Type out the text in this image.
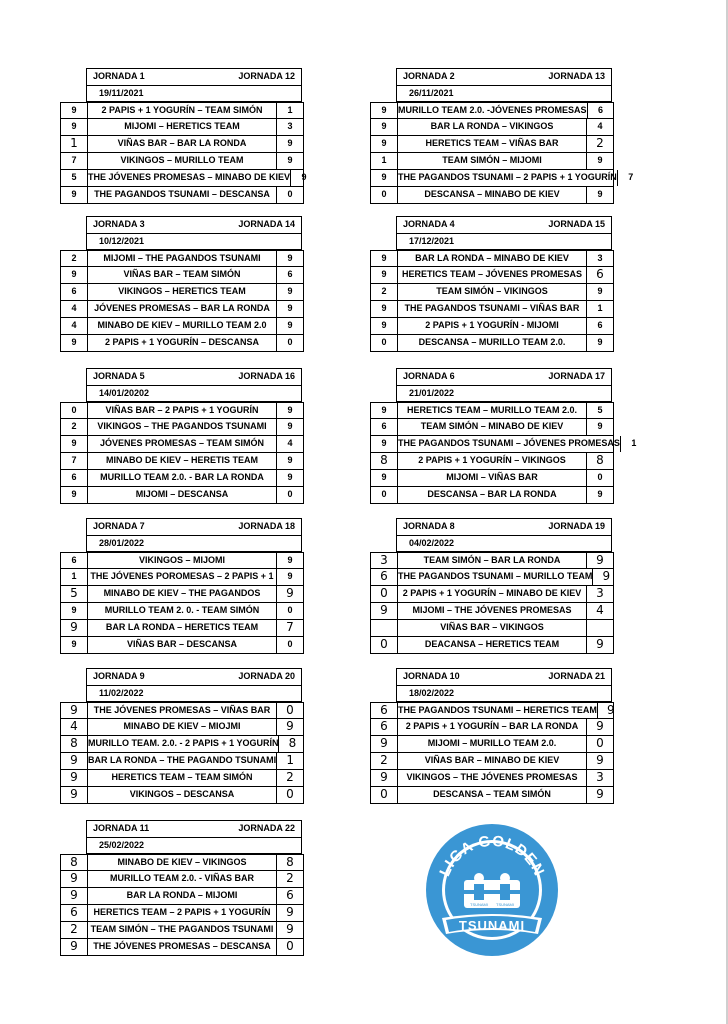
JORNADA 1	JORNADA 12
19/11/2021
9	2 PAPIS + 1 YOGURÍN – TEAM SIMÓN	1
9	MIJOMI – HERETICS TEAM	3
1	VIÑAS BAR – BAR LA RONDA	9
7	VIKINGOS – MURILLO TEAM	9
5	THE JÓVENES PROMESAS – MINABO DE KIEV	9
9	THE PAGANDOS TSUNAMI – DESCANSA	0
JORNADA 2	JORNADA 13
26/11/2021
9	MURILLO TEAM 2.0. -JÓVENES PROMESAS	6
9	BAR LA RONDA – VIKINGOS	4
9	HERETICS TEAM – VIÑAS BAR	2
1	TEAM SIMÓN – MIJOMI	9
9	THE PAGANDOS TSUNAMI – 2 PAPIS + 1 YOGURÍN	7
0	DESCANSA – MINABO DE KIEV	9
JORNADA 3	JORNADA 14
10/12/2021
2	MIJOMI – THE PAGANDOS TSUNAMI	9
9	VIÑAS BAR – TEAM SIMÓN	6
6	VIKINGOS – HERETICS TEAM	9
4	JÓVENES PROMESAS – BAR LA RONDA	9
4	MINABO DE KIEV – MURILLO TEAM 2.0	9
9	2 PAPIS + 1 YOGURÍN – DESCANSA	0
JORNADA 4	JORNADA 15
17/12/2021
9	BAR LA RONDA – MINABO DE KIEV	3
9	HERETICS TEAM – JÓVENES PROMESAS	6
2	TEAM SIMÓN – VIKINGOS	9
9	THE PAGANDOS TSUNAMI – VIÑAS BAR	1
9	2 PAPIS + 1 YOGURÍN - MIJOMI	6
0	DESCANSA – MURILLO TEAM 2.0.	9
JORNADA 5	JORNADA 16
14/01/20202
0	VIÑAS BAR – 2 PAPIS + 1 YOGURÍN	9
2	VIKINGOS – THE PAGANDOS TSUNAMI	9
9	JÓVENES PROMESAS – TEAM SIMÓN	4
7	MINABO DE KIEV – HERETIS TEAM	9
6	MURILLO TEAM 2.0. - BAR LA RONDA	9
9	MIJOMI – DESCANSA	0
JORNADA 6	JORNADA 17
21/01/2022
9	HERETICS TEAM – MURILLO TEAM 2.0.	5
6	TEAM SIMÓN – MINABO DE KIEV	9
9	THE PAGANDOS TSUNAMI – JÓVENES PROMESAS	1
8	2 PAPIS + 1 YOGURÍN – VIKINGOS	8
9	MIJOMI – VIÑAS BAR	0
0	DESCANSA – BAR LA RONDA	9
JORNADA 7	JORNADA 18
28/01/2022
6	VIKINGOS – MIJOMI	9
1	THE JÓVENES POROMESAS – 2 PAPIS + 1	9
5	MINABO DE KIEV – THE PAGANDOS	9
9	MURILLO TEAM 2. 0. - TEAM SIMÓN	0
9	BAR LA RONDA – HERETICS TEAM	7
9	VIÑAS BAR – DESCANSA	0
JORNADA 8	JORNADA 19
04/02/2022
3	TEAM SIMÓN – BAR LA RONDA	9
6	THE PAGANDOS TSUNAMI – MURILLO TEAM 9
0	2 PAPIS + 1 YOGURÍN – MINABO DE KIEV	3
9	MIJOMI – THE JÓVENES PROMESAS	4
VIÑAS BAR – VIKINGOS
0	DEACANSA – HERETICS TEAM	9
JORNADA 9	JORNADA 20
11/02/2022
9	THE JÓVENES PROMESAS – VIÑAS BAR	0
4	MINABO DE KIEV – MIOJMI	9
8	MURILLO TEAM. 2.0. - 2 PAPIS + 1 YOGURÍN 8
9	BAR LA RONDA – THE PAGANDO TSUNAMI 1
9	HERETICS TEAM – TEAM SIMÓN	2
9	VIKINGOS – DESCANSA	0
JORNADA 10	JORNADA 21
18/02/2022
6	THE PAGANDOS TSUNAMI – HERETICS TEAM 9
6	2 PAPIS + 1 YOGURÍN – BAR LA RONDA	9
9	MIJOMI – MURILLO TEAM 2.0.	0
2	VIÑAS BAR – MINABO DE KIEV	9
9	VIKINGOS – THE JÓVENES PROMESAS	3
0	DESCANSA – TEAM SIMÓN	9
JORNADA 11	JORNADA 22
25/02/2022
8	MINABO DE KIEV – VIKINGOS	8
9	MURILLO TEAM 2.0. - VIÑAS BAR	2
9	BAR LA RONDA – MIJOMI	6
6	HERETICS TEAM – 2 PAPIS + 1 YOGURÍN	9
2	TEAM SIMÓN – THE PAGANDOS TSUNAMI	9
9	THE JÓVENES PROMESAS – DESCANSA	0
LIGA GOLDEN
TSUNAMI TSUNAMI
TSUNAMI
